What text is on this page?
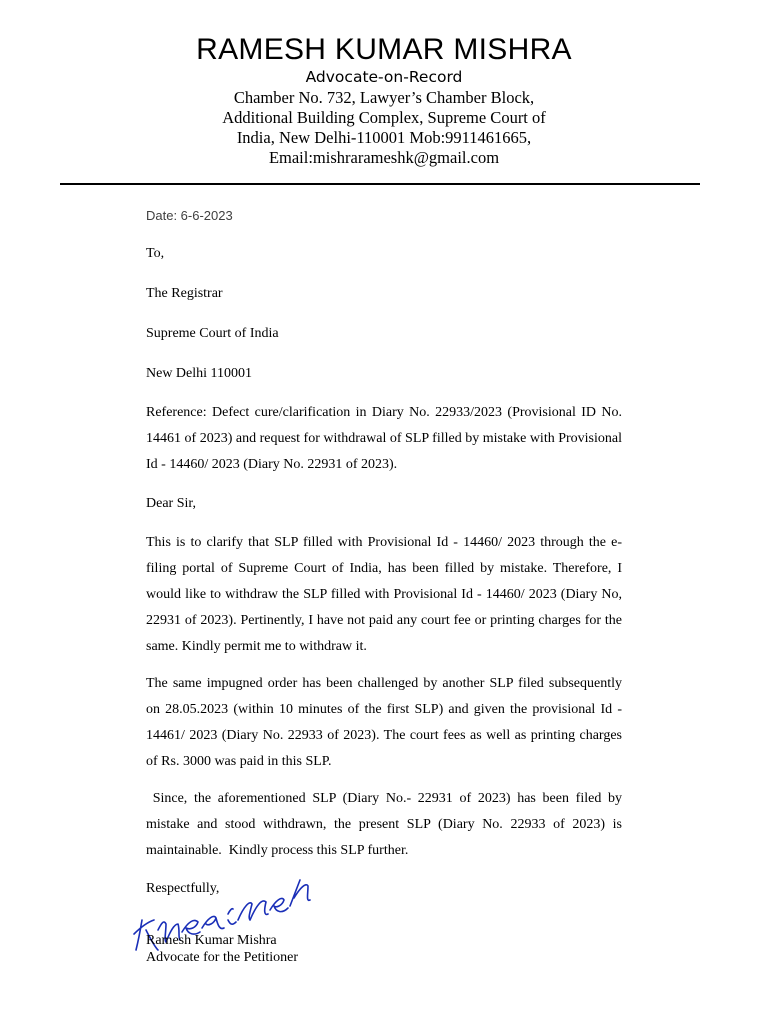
RAMESH KUMAR MISHRA
Advocate-on-Record
Chamber No. 732, Lawyer’s Chamber Block,
Additional Building Complex, Supreme Court of
India, New Delhi-110001 Mob:9911461665,
Email:mishrarameshk@gmail.com
Date: 6-6-2023

To,

The Registrar

Supreme Court of India

New Delhi 110001

Reference: Defect cure/clarification in Diary No. 22933/2023 (Provisional ID No. 14461 of 2023) and request for withdrawal of SLP filled by mistake with Provisional Id - 14460/ 2023 (Diary No. 22931 of 2023).

Dear Sir,

This is to clarify that SLP filled with Provisional Id - 14460/ 2023 through the e-filing portal of Supreme Court of India, has been filled by mistake. Therefore, I would like to withdraw the SLP filled with Provisional Id - 14460/ 2023 (Diary No, 22931 of 2023). Pertinently, I have not paid any court fee or printing charges for the same. Kindly permit me to withdraw it.

The same impugned order has been challenged by another SLP filed subsequently on 28.05.2023 (within 10 minutes of the first SLP) and given the provisional Id - 14461/ 2023 (Diary No. 22933 of 2023). The court fees as well as printing charges of Rs. 3000 was paid in this SLP.

Since, the aforementioned SLP (Diary No.- 22931 of 2023) has been filed by mistake and stood withdrawn, the present SLP (Diary No. 22933 of 2023) is maintainable.  Kindly process this SLP further.

Respectfully,

Ramesh Kumar Mishra
Advocate for the Petitioner
